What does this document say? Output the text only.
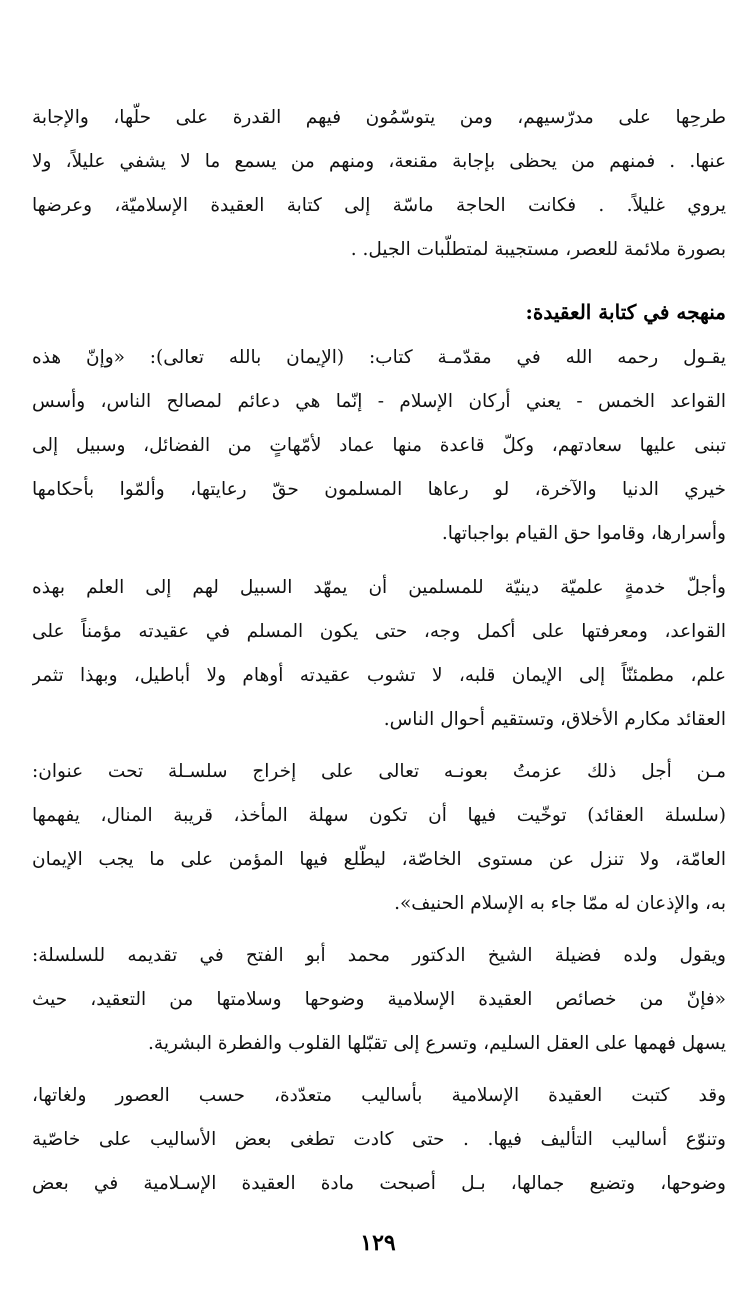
طرحِها على مدرّسيهم، ومن يتوسّمُون فيهم القدرة على حلّها، والإجابة
عنها. . فمنهم من يحظى بإجابة مقنعة، ومنهم من يسمع ما لا يشفي عليلاً، ولا
يروي غليلاً. . فكانت الحاجة ماسّة إلى كتابة العقيدة الإسلاميّة، وعرضها
بصورة ملائمة للعصر، مستجيبة لمتطلّبات الجيل. .
منهجه في كتابة العقيدة:
يقـول رحمه الله في مقدّمـة كتاب: (الإيمان بالله تعالى): «وإنّ هذه
القواعد الخمس - يعني أركان الإسلام - إنّما هي دعائم لمصالح الناس، وأسس
تبنى عليها سعادتهم، وكلّ قاعدة منها عماد لأمّهاتٍ من الفضائل، وسبيل إلى
خيري الدنيا والآخرة، لو رعاها المسلمون حقّ رعايتها، وألمّوا بأحكامها
وأسرارها، وقاموا حق القيام بواجباتها.
وأجلّ خدمةٍ علميّة دينيّة للمسلمين أن يمهّد السبيل لهم إلى العلم بهذه
القواعد، ومعرفتها على أكمل وجه، حتى يكون المسلم في عقيدته مؤمناً على
علم، مطمئنّاً إلى الإيمان قلبه، لا تشوب عقيدته أوهام ولا أباطيل، وبهذا تثمر
العقائد مكارم الأخلاق، وتستقيم أحوال الناس.
مـن أجل ذلك عزمتُ بعونـه تعالى على إخراج سلسـلة تحت عنوان:
(سلسلة العقائد) توخّيت فيها أن تكون سهلة المأخذ، قريبة المنال، يفهمها
العامّة، ولا تنزل عن مستوى الخاصّة، ليطّلع فيها المؤمن على ما يجب الإيمان
به، والإذعان له ممّا جاء به الإسلام الحنيف».
ويقول ولده فضيلة الشيخ الدكتور محمد أبو الفتح في تقديمه للسلسلة:
«فإنّ من خصائص العقيدة الإسلامية وضوحها وسلامتها من التعقيد، حيث
يسهل فهمها على العقل السليم، وتسرع إلى تقبّلها القلوب والفطرة البشرية.
وقد كتبت العقيدة الإسلامية بأساليب متعدّدة، حسب العصور ولغاتها،
وتنوّع أساليب التأليف فيها. . حتى كادت تطغى بعض الأساليب على خاصّية
وضوحها، وتضيع جمالها، بـل أصبحت مادة العقيدة الإسـلامية في بعض
١٢٩
